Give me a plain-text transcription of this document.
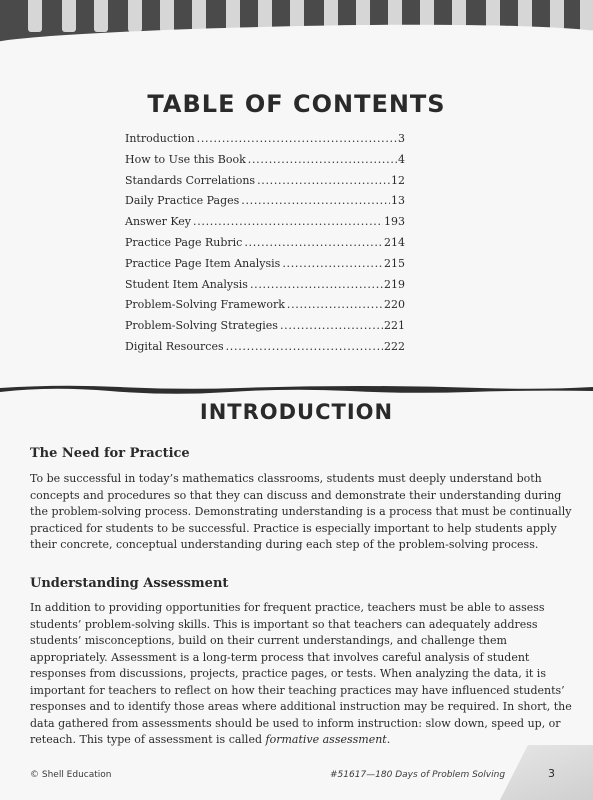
TABLE OF CONTENTS
Introduction . . .	3
How to Use this Book . . .	4
Standards Correlations . . .	12
Daily Practice Pages . . .	13
Answer Key . . .	193
Practice Page Rubric . . .	214
Practice Page Item Analysis . . .	215
Student Item Analysis . . .	219
Problem-Solving Framework . . .	220
Problem-Solving Strategies . . .	221
Digital Resources . . .	222
INTRODUCTION
The Need for Practice
To be successful in today’s mathematics classrooms, students must deeply understand both concepts and procedures so that they can discuss and demonstrate their understanding during the problem-solving process. Demonstrating understanding is a process that must be continually practiced for students to be successful. Practice is especially important to help students apply their concrete, conceptual understanding during each step of the problem-solving process.
Understanding Assessment
In addition to providing opportunities for frequent practice, teachers must be able to assess students’ problem-solving skills. This is important so that teachers can adequately address students’ misconceptions, build on their current understandings, and challenge them appropriately. Assessment is a long-term process that involves careful analysis of student responses from discussions, projects, practice pages, or tests. When analyzing the data, it is important for teachers to reflect on how their teaching practices may have influenced students’ responses and to identify those areas where additional instruction may be required. In short, the data gathered from assessments should be used to inform instruction: slow down, speed up, or reteach. This type of assessment is called formative assessment.
© Shell Education	#51617—180 Days of Problem Solving	3
